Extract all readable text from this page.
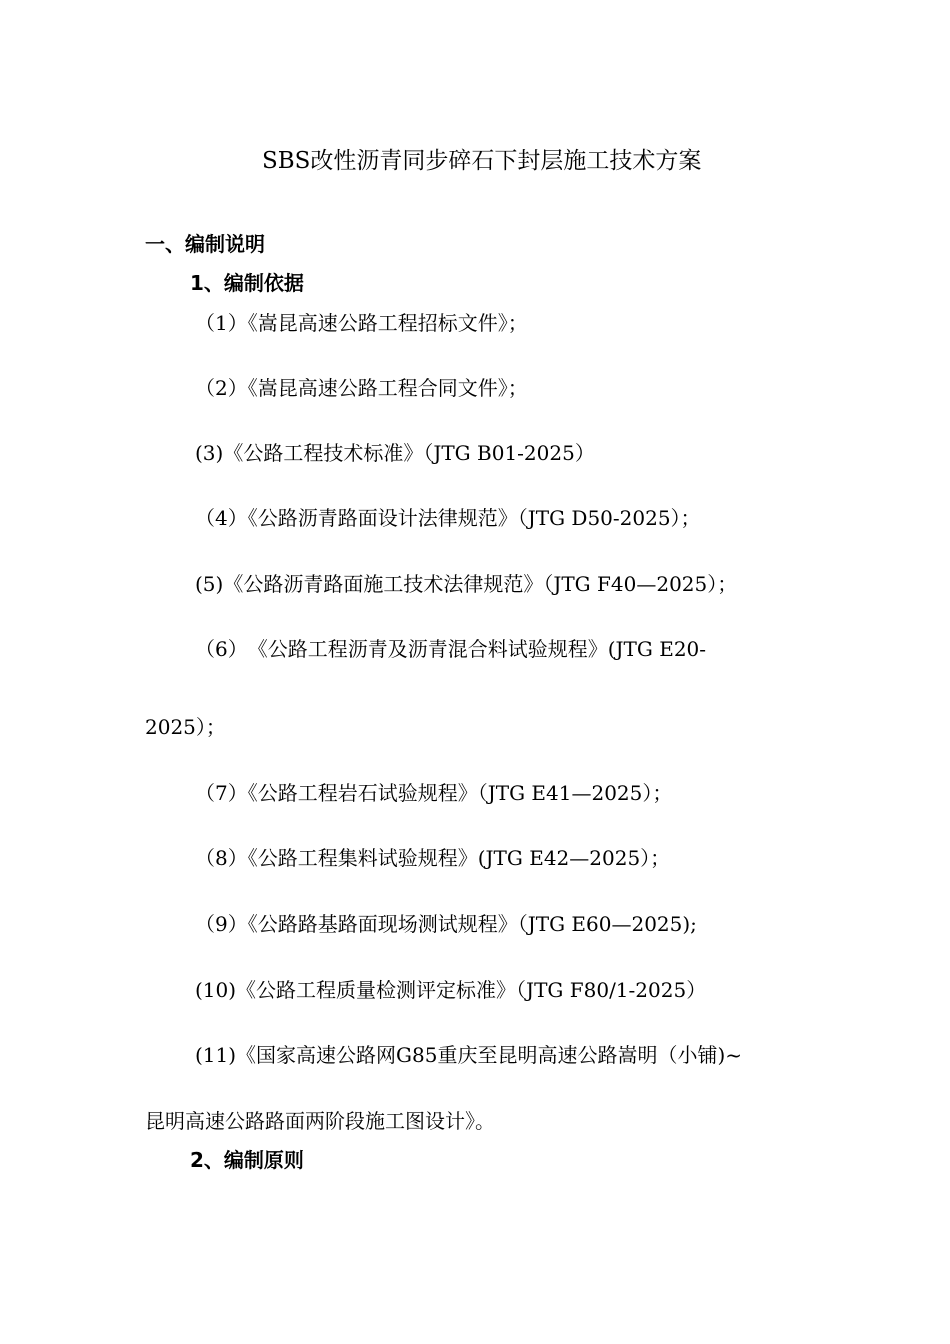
SBS改性沥青同步碎石下封层施工技术方案
一、编制说明
1、编制依据
（1）《嵩昆高速公路工程招标文件》；
（2）《嵩昆高速公路工程合同文件》；
(3)《公路工程技术标准》（JTG B01-2025）
（4）《公路沥青路面设计法律规范》（JTG D50-2025）；
(5)《公路沥青路面施工技术法律规范》（JTG F40—2025）；
（6）　《公路工程沥青及沥青混合料试验规程》(JTG E20-
2025）；
（7）《公路工程岩石试验规程》（JTG E41—2025）；
（8）《公路工程集料试验规程》(JTG E42—2025）；
（9）《公路路基路面现场测试规程》（JTG E60—2025);
(10)《公路工程质量检测评定标准》（JTG F80/1-2025）
(11)《国家高速公路网G85重庆至昆明高速公路嵩明（小铺)~
昆明高速公路路面两阶段施工图设计》。
2、编制原则
